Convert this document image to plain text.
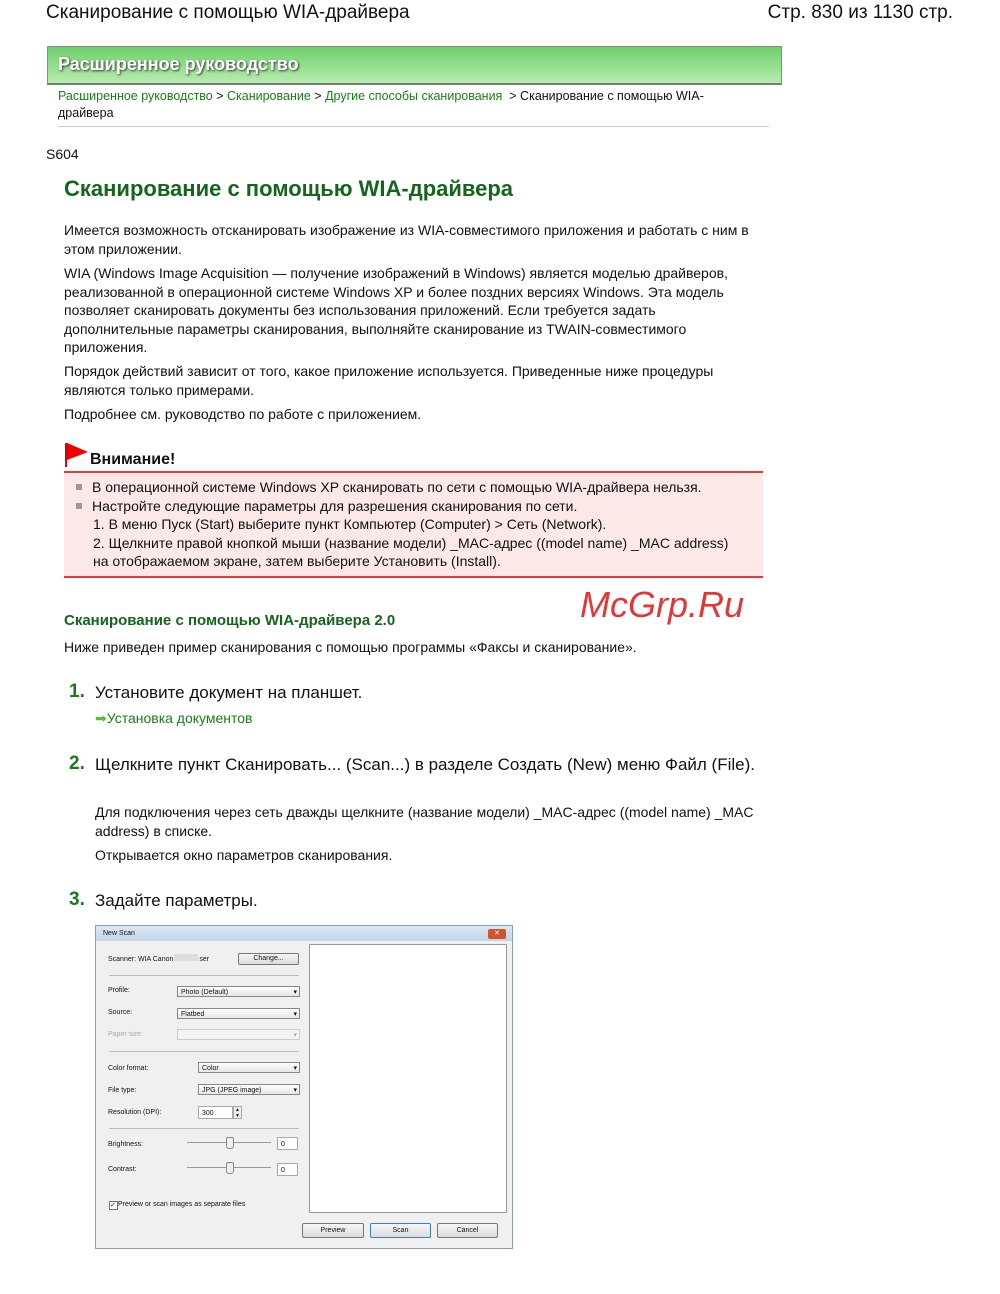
Сканирование с помощью WIA-драйвера	Стр. 830 из 1130 стр.
Расширенное руководство
Расширенное руководство > Сканирование > Другие способы сканирования  > Сканирование с помощью WIA-драйвера
S604
Сканирование с помощью WIA-драйвера
Имеется возможность отсканировать изображение из WIA-совместимого приложения и работать с ним в этом приложении.
WIA (Windows Image Acquisition — получение изображений в Windows) является моделью драйверов, реализованной в операционной системе Windows XP и более поздних версиях Windows. Эта модель позволяет сканировать документы без использования приложений. Если требуется задать дополнительные параметры сканирования, выполняйте сканирование из TWAIN-совместимого приложения.
Порядок действий зависит от того, какое приложение используется. Приведенные ниже процедуры являются только примерами.
Подробнее см. руководство по работе с приложением.
Внимание!
В операционной системе Windows XP сканировать по сети с помощью WIA-драйвера нельзя.
Настройте следующие параметры для разрешения сканирования по сети.
1. В меню Пуск (Start) выберите пункт Компьютер (Computer) > Сеть (Network).
2. Щелкните правой кнопкой мыши (название модели) _MAC-адрес ((model name) _MAC address) на отображаемом экране, затем выберите Установить (Install).
Сканирование с помощью WIA-драйвера 2.0
Ниже приведен пример сканирования с помощью программы «Факсы и сканирование».
McGrp.Ru
1. Установите документ на планшет.
➡Установка документов
2. Щелкните пункт Сканировать... (Scan...) в разделе Создать (New) меню Файл (File).
Для подключения через сеть дважды щелкните (название модели) _MAC-адрес ((model name) _MAC address) в списке.
Открывается окно параметров сканирования.
3. Задайте параметры.
New Scan	✕
Scanner: WIA Canon	ser	Change...
Profile:	Photo (Default) ▾
Source:	Flatbed ▾
Paper size:
▾
Color format:	Color ▾
File type:	JPG (JPEG image) ▾
Resolution (DPI):	300	▲
▼
Brightness:	0
Contrast:	0
✓ Preview or scan images as separate files
Preview	Scan	Cancel
